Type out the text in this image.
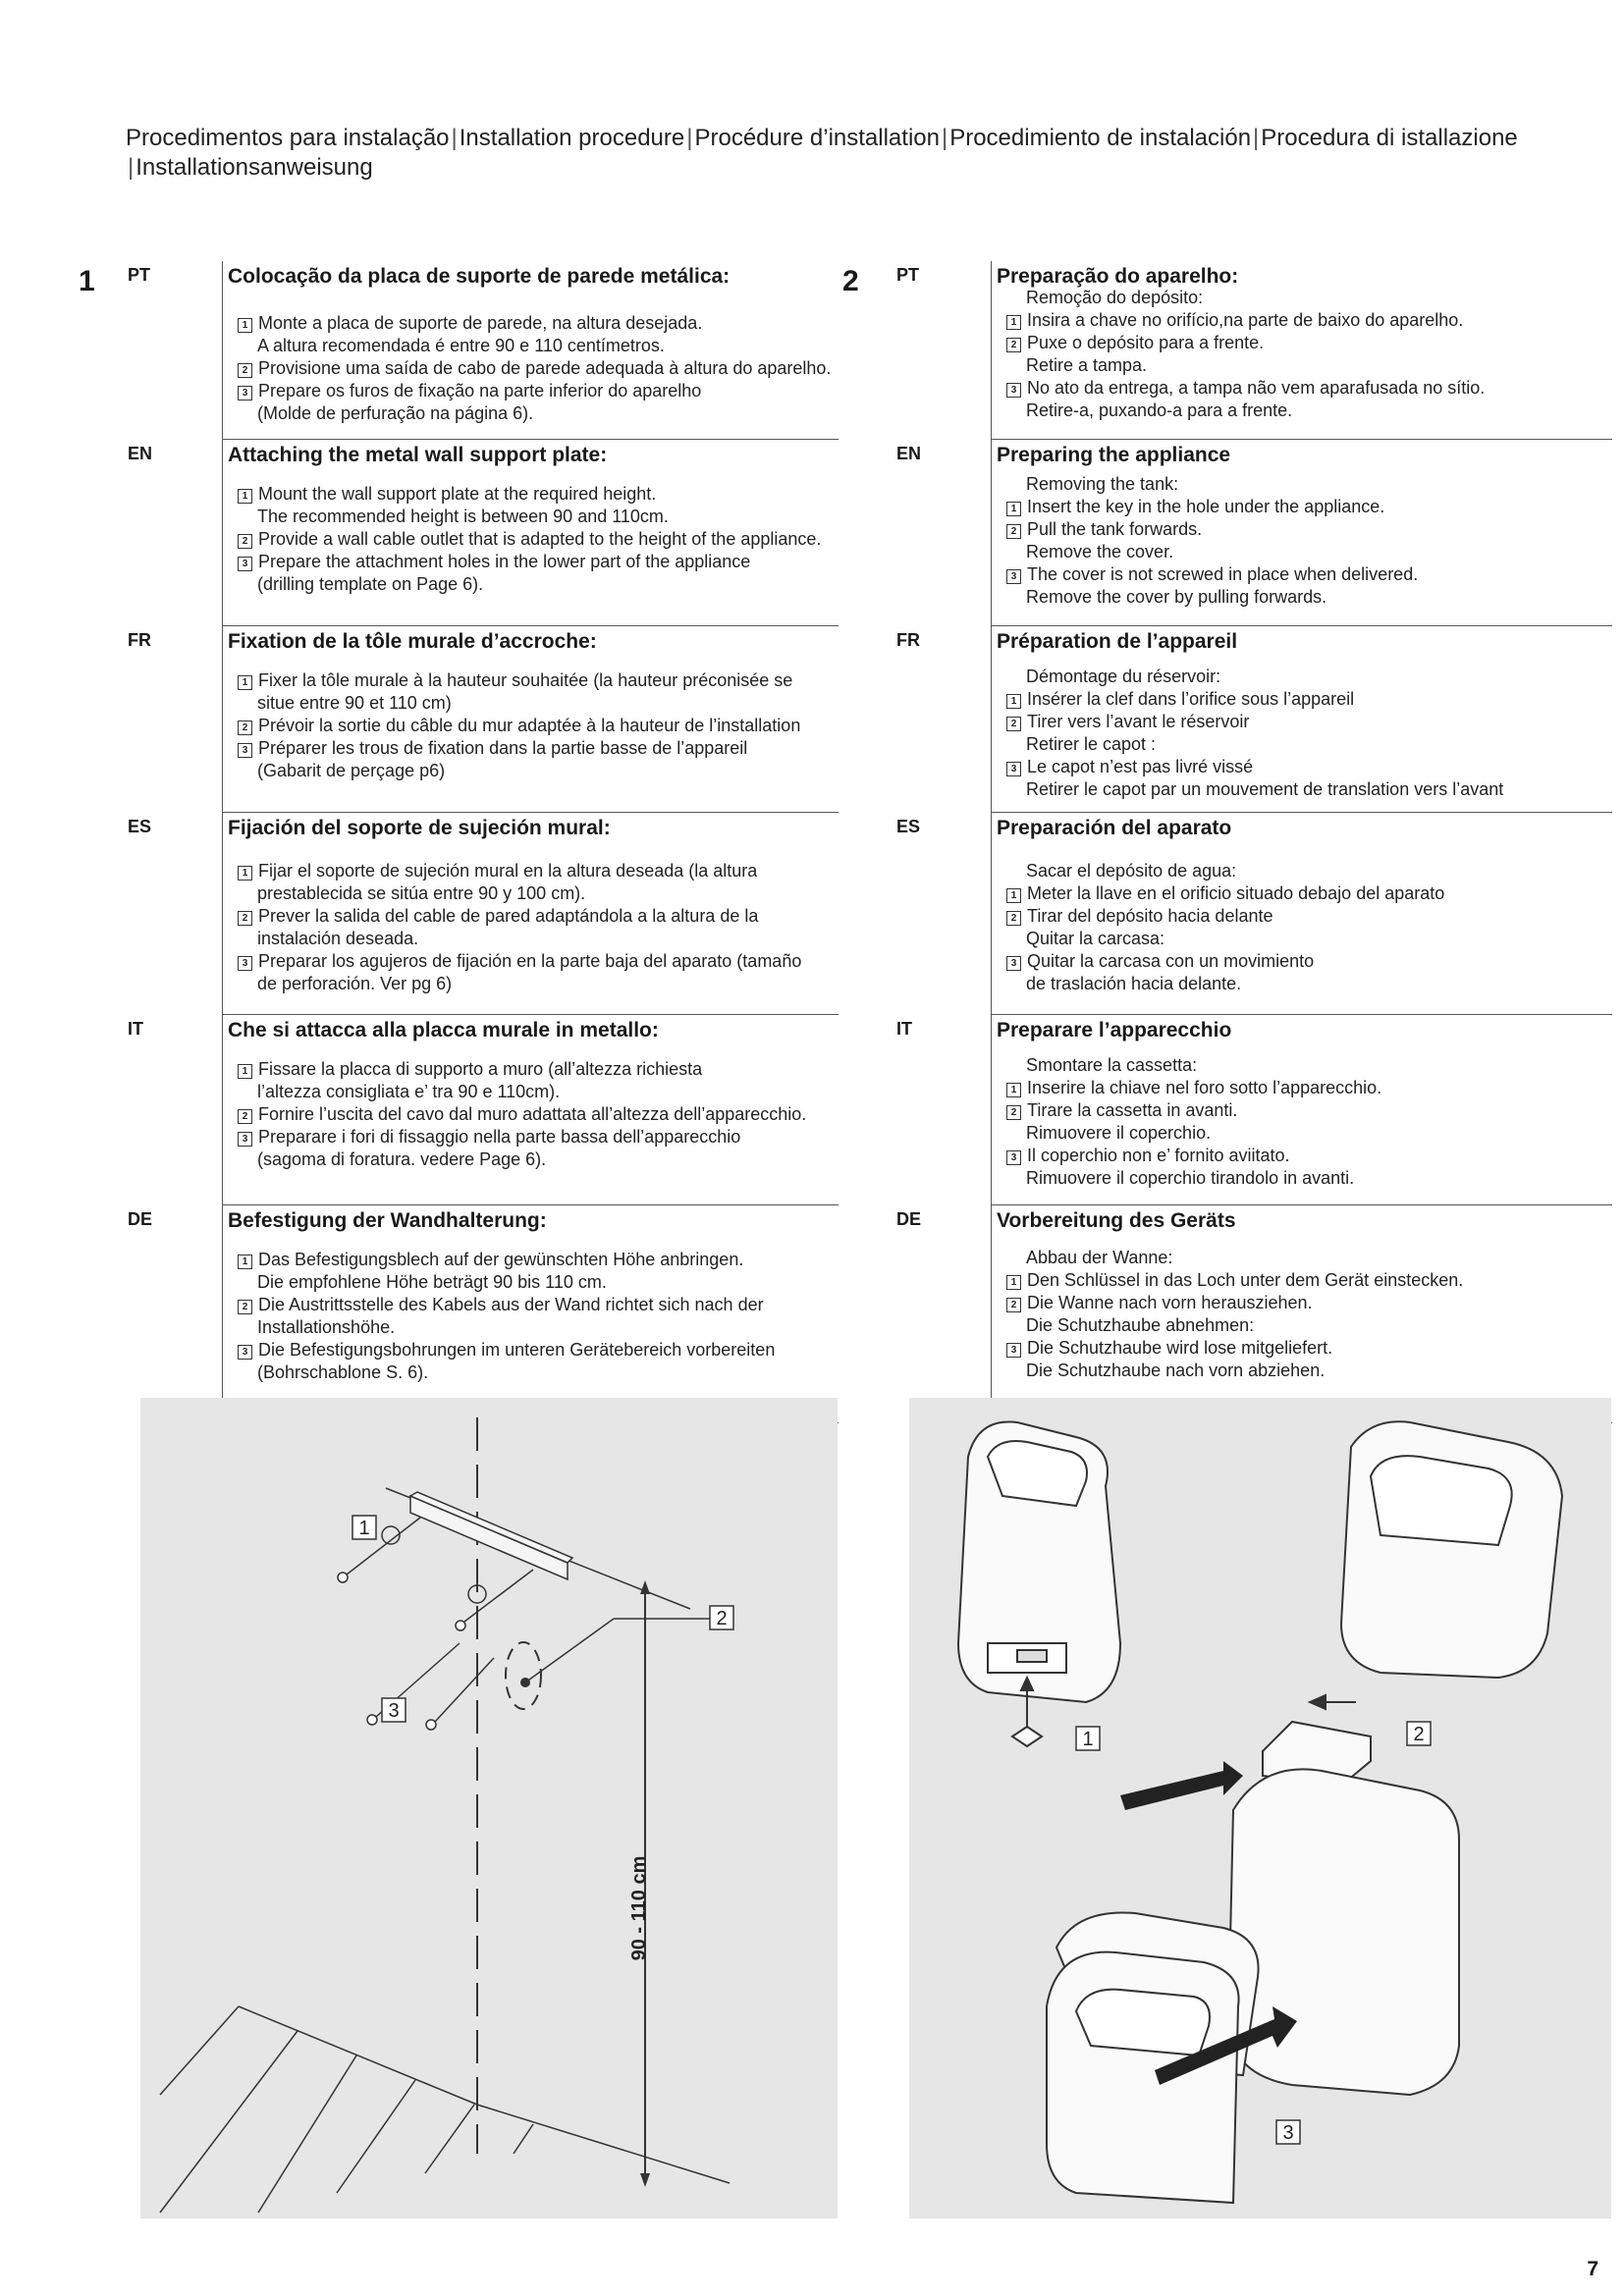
Procedimentos para instalação|Installation procedure|Procédure d’installation|Procedimiento de instalación|Procedura di istallazione
|Installationsanweisung
1	2
PT	Colocação da placa de suporte de parede metálica:
1 Monte a placa de suporte de parede, na altura desejada.
A altura recomendada é entre 90 e 110 centímetros.
2 Provisione uma saída de cabo de parede adequada à altura do aparelho.
3 Prepare os furos de fixação na parte inferior do aparelho
(Molde de perfuração na página 6).
EN	Attaching the metal wall support plate:
1 Mount the wall support plate at the required height.
The recommended height is between 90 and 110cm.
2 Provide a wall cable outlet that is adapted to the height of the appliance.
3 Prepare the attachment holes in the lower part of the appliance
(drilling template on Page 6).
FR	Fixation de la tôle murale d’accroche:
1 Fixer la tôle murale à la hauteur souhaitée (la hauteur préconisée se
situe entre 90 et 110 cm)
2 Prévoir la sortie du câble du mur adaptée à la hauteur de l’installation
3 Préparer les trous de fixation dans la partie basse de l’appareil
(Gabarit de perçage p6)
ES	Fijación del soporte de sujeción mural:
1 Fijar el soporte de sujeción mural en la altura deseada (la altura
prestablecida se sitúa entre 90 y 100 cm).
2 Prever la salida del cable de pared adaptándola a la altura de la
instalación deseada.
3 Preparar los agujeros de fijación en la parte baja del aparato (tamaño
de perforación. Ver pg 6)
IT	Che si attacca alla placca murale in metallo:
1 Fissare la placca di supporto a muro (all’altezza richiesta
l’altezza consigliata e’ tra 90 e 110cm).
2 Fornire l’uscita del cavo dal muro adattata all’altezza dell’apparecchio.
3 Preparare i fori di fissaggio nella parte bassa dell’apparecchio
(sagoma di foratura. vedere Page 6).
DE	Befestigung der Wandhalterung:
1 Das Befestigungsblech auf der gewünschten Höhe anbringen.
Die empfohlene Höhe beträgt 90 bis 110 cm.
2 Die Austrittsstelle des Kabels aus der Wand richtet sich nach der
Installationshöhe.
3 Die Befestigungsbohrungen im unteren Gerätebereich vorbereiten
(Bohrschablone S. 6).
PT	Preparação do aparelho:
Remoção do depósito:
1 Insira a chave no orifício,na parte de baixo do aparelho.
2 Puxe o depósito para a frente.
Retire a tampa.
3 No ato da entrega, a tampa não vem aparafusada no sítio.
Retire-a, puxando-a para a frente.
EN	Preparing the appliance
Removing the tank:
1 Insert the key in the hole under the appliance.
2 Pull the tank forwards.
Remove the cover.
3 The cover is not screwed in place when delivered.
Remove the cover by pulling forwards.
FR	Préparation de l’appareil
Démontage du réservoir:
1 Insérer la clef dans l’orifice sous l’appareil
2 Tirer vers l’avant le réservoir
Retirer le capot :
3 Le capot n’est pas livré vissé
Retirer le capot par un mouvement de translation vers l’avant
ES	Preparación del aparato
Sacar el depósito de agua:
1 Meter la llave en el orificio situado debajo del aparato
2 Tirar del depósito hacia delante
Quitar la carcasa:
3 Quitar la carcasa con un movimiento
de traslación hacia delante.
IT	Preparare l’apparecchio
Smontare la cassetta:
1 Inserire la chiave nel foro sotto l’apparecchio.
2 Tirare la cassetta in avanti.
Rimuovere il coperchio.
3 Il coperchio non e’ fornito aviitato.
Rimuovere il coperchio tirandolo in avanti.
DE	Vorbereitung des Geräts
Abbau der Wanne:
1 Den Schlüssel in das Loch unter dem Gerät einstecken.
2 Die Wanne nach vorn herausziehen.
Die Schutzhaube abnehmen:
3 Die Schutzhaube wird lose mitgeliefert.
Die Schutzhaube nach vorn abziehen.
90 - 110 cm
1
2
3
1	2
3
7
